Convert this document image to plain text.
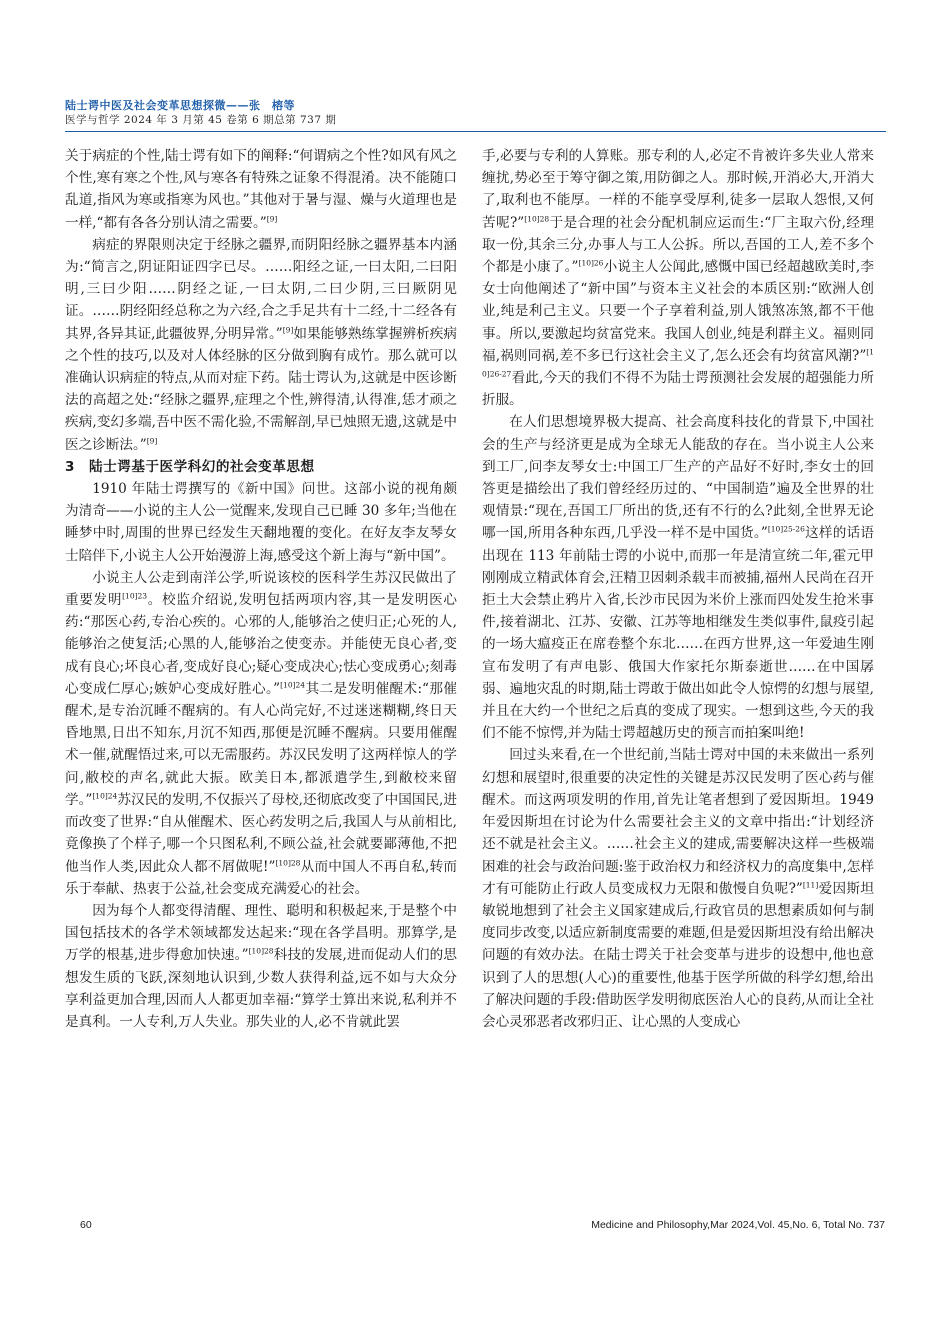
陆士谔中医及社会变革思想探微——张　榕等
医学与哲学 2024 年 3 月第 45 卷第 6 期总第 737 期

关于病症的个性,陆士谔有如下的阐释:“何谓病之个性?如风有风之个性,寒有寒之个性,风与寒各有特殊之证象不得混淆。决不能随口乱道,指风为寒或指寒为风也。”其他对于暑与湿、燥与火道理也是一样,“都有各各分别认清之需要。”[9]

病症的界限则决定于经脉之疆界,而阴阳经脉之疆界基本内涵为:“简言之,阴证阳证四字已尽。……阳经之证,一曰太阳,二曰阳明,三曰少阳……阴经之证,一曰太阴,二曰少阴,三曰厥阴见证。……阴经阳经总称之为六经,合之手足共有十二经,十二经各有其界,各异其证,此疆彼界,分明异常。”[9]如果能够熟练掌握辨析疾病之个性的技巧,以及对人体经脉的区分做到胸有成竹。那么就可以准确认识病症的特点,从而对症下药。陆士谔认为,这就是中医诊断法的高超之处:“经脉之疆界,症理之个性,辨得清,认得准,恁才顽之疾病,变幻多端,吾中医不需化验,不需解剖,早已烛照无遗,这就是中医之诊断法。”[9]

3　陆士谔基于医学科幻的社会变革思想

1910 年陆士谔撰写的《新中国》问世。这部小说的视角颇为清奇——小说的主人公一觉醒来,发现自己已睡 30 多年;当他在睡梦中时,周围的世界已经发生天翻地覆的变化。在好友李友琴女士陪伴下,小说主人公开始漫游上海,感受这个新上海与“新中国”。

小说主人公走到南洋公学,听说该校的医科学生苏汉民做出了重要发明$^{[10]23}$。校监介绍说,发明包括两项内容,其一是发明医心药:“那医心药,专治心疾的。心邪的人,能够治之使归正;心死的人,能够治之使复活;心黑的人,能够治之使变赤。并能使无良心者,变成有良心;坏良心者,变成好良心;疑心变成决心;怯心变成勇心;刻毒心变成仁厚心;嫉妒心变成好胜心。”$^{[10]24}$其二是发明催醒术:“那催醒术,是专治沉睡不醒病的。有人心尚完好,不过迷迷糊糊,终日天昏地黑,日出不知东,月沉不知西,那便是沉睡不醒病。只要用催醒术一催,就醒悟过来,可以无需服药。苏汉民发明了这两样惊人的学问,敝校的声名,就此大振。欧美日本,都派遣学生,到敝校来留学。”$^{[10]24}$苏汉民的发明,不仅振兴了母校,还彻底改变了中国国民,进而改变了世界:“自从催醒术、医心药发明之后,我国人与从前相比,竟像换了个样子,哪一个只图私利,不顾公益,社会就要鄙薄他,不把他当作人类,因此众人都不屑做呢!”$^{[10]28}$从而中国人不再自私,转而乐于奉献、热衷于公益,社会变成充满爱心的社会。

因为每个人都变得清醒、理性、聪明和积极起来,于是整个中国包括技术的各学术领域都发达起来:“现在各学昌明。那算学,是万学的根基,进步得愈加快速。”$^{[10]28}$科技的发展,进而促动人们的思想发生质的飞跃,深刻地认识到,少数人获得利益,远不如与大众分享利益更加合理,因而人人都更加幸福:“算学士算出来说,私利并不是真利。一人专利,万人失业。那失业的人,必不肯就此罢

手,必要与专利的人算账。那专利的人,必定不肯被许多失业人常来缠扰,势必至于筹守御之策,用防御之人。那时候,开消必大,开消大了,取利也不能厚。一样的不能享受厚利,徒多一层取人怨恨,又何苦呢?”$^{[10]28}$于是合理的社会分配机制应运而生:“厂主取六份,经理取一份,其余三分,办事人与工人公拆。所以,吾国的工人,差不多个个都是小康了。”$^{[10]26}$小说主人公闻此,感慨中国已经超越欧美时,李女士向他阐述了“新中国”与资本主义社会的本质区别:“欧洲人创业,纯是利己主义。只要一个子享着利益,别人饿煞冻煞,都不干他事。所以,要激起均贫富党来。我国人创业,纯是利群主义。福则同福,祸则同祸,差不多已行这社会主义了,怎么还会有均贫富风潮?”$^{[10]26-27}$看此,今天的我们不得不为陆士谔预测社会发展的超强能力所折服。

在人们思想境界极大提高、社会高度科技化的背景下,中国社会的生产与经济更是成为全球无人能敌的存在。当小说主人公来到工厂,问李友琴女士:中国工厂生产的产品好不好时,李女士的回答更是描绘出了我们曾经经历过的、“中国制造”遍及全世界的壮观情景:“现在,吾国工厂所出的货,还有不行的么?此刻,全世界无论哪一国,所用各种东西,几乎没一样不是中国货。”$^{[10]25-26}$这样的话语出现在 113 年前陆士谔的小说中,而那一年是清宣统二年,霍元甲刚刚成立精武体育会,汪精卫因刺杀载丰而被捕,福州人民尚在召开拒土大会禁止鸦片入省,长沙市民因为米价上涨而四处发生抢米事件,接着湖北、江苏、安徽、江苏等地相继发生类似事件,鼠疫引起的一场大瘟疫正在席卷整个东北……在西方世界,这一年爱迪生刚宣布发明了有声电影、俄国大作家托尔斯泰逝世……在中国孱弱、遍地灾乱的时期,陆士谔敢于做出如此令人惊愕的幻想与展望,并且在大约一个世纪之后真的变成了现实。一想到这些,今天的我们不能不惊愕,并为陆士谔超越历史的预言而拍案叫绝!

回过头来看,在一个世纪前,当陆士谔对中国的未来做出一系列幻想和展望时,很重要的决定性的关键是苏汉民发明了医心药与催醒术。而这两项发明的作用,首先让笔者想到了爱因斯坦。1949 年爱因斯坦在讨论为什么需要社会主义的文章中指出:“计划经济还不就是社会主义。……社会主义的建成,需要解决这样一些极端困难的社会与政治问题:鉴于政治权力和经济权力的高度集中,怎样才有可能防止行政人员变成权力无限和傲慢自负呢?”[11]爱因斯坦敏锐地想到了社会主义国家建成后,行政官员的思想素质如何与制度同步改变,以适应新制度需要的难题,但是爱因斯坦没有给出解决问题的有效办法。在陆士谔关于社会变革与进步的设想中,他也意识到了人的思想(人心)的重要性,他基于医学所做的科学幻想,给出了解决问题的手段:借助医学发明彻底医治人心的良药,从而让全社会心灵邪恶者改邪归正、让心黑的人变成心

60	Medicine and Philosophy,Mar 2024,Vol. 45,No. 6, Total No. 737
